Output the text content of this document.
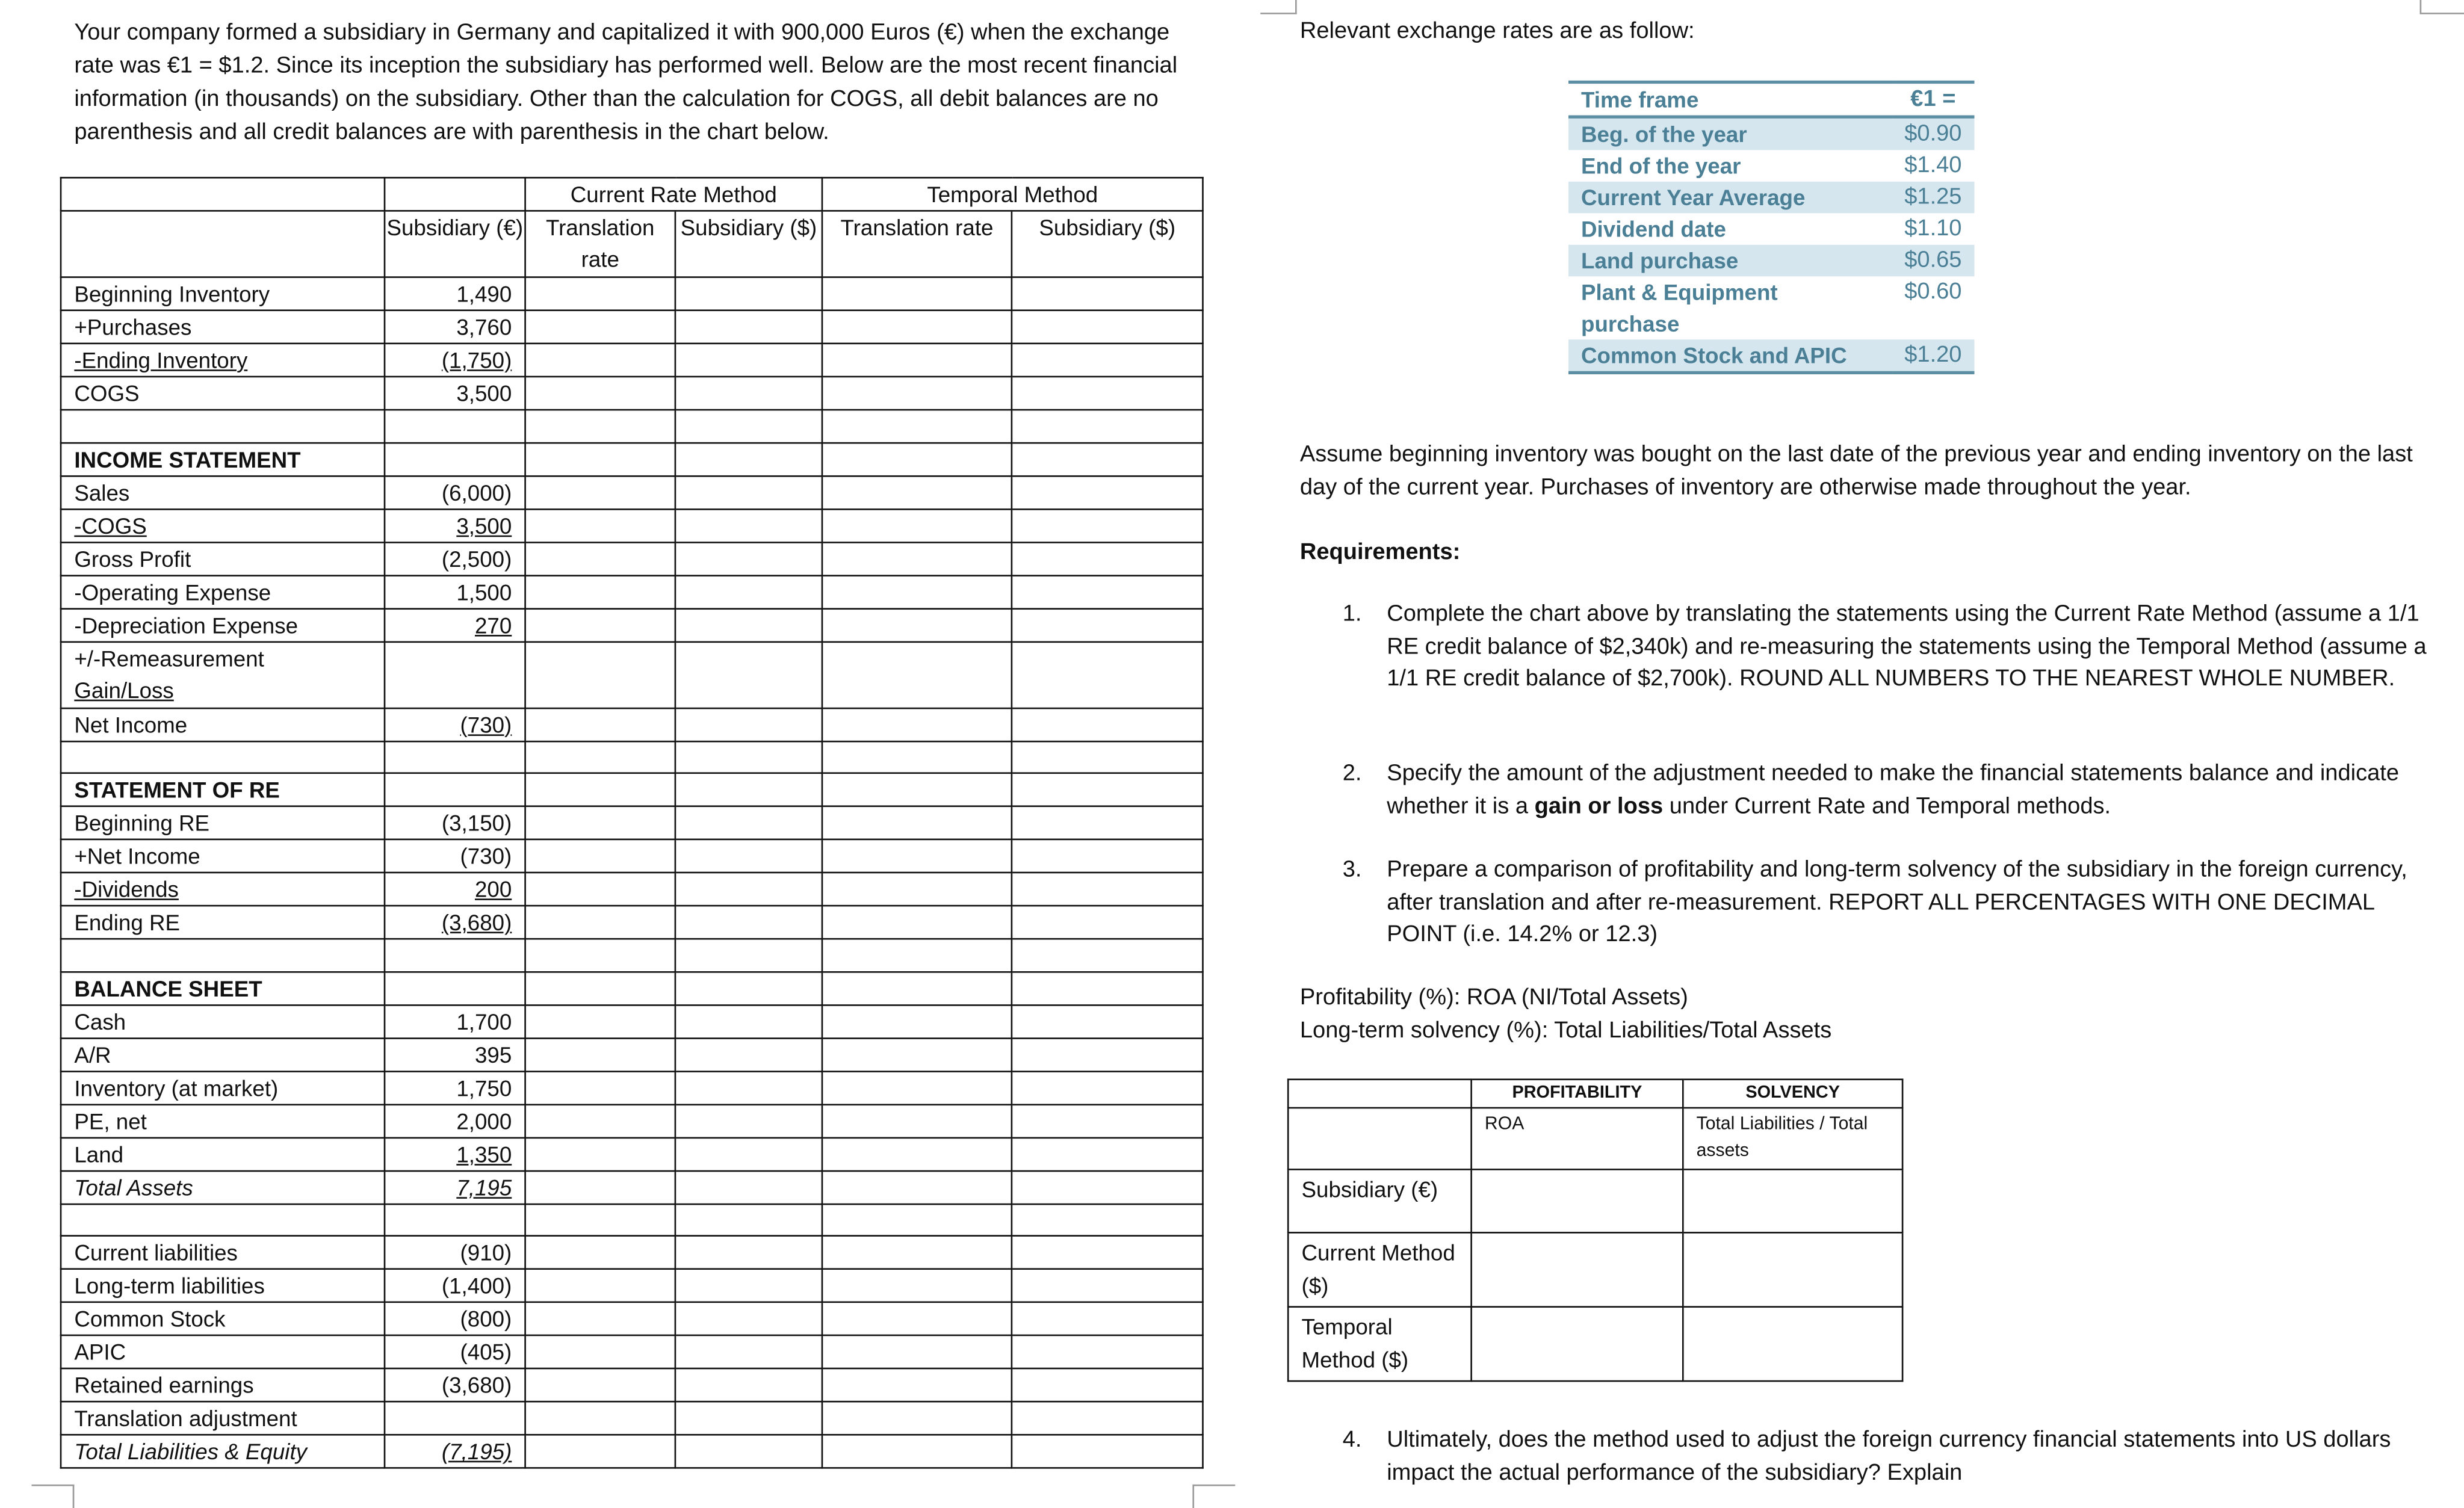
Your company formed a subsidiary in Germany and capitalized it with 900,000 Euros (€) when the exchange rate was €1 = $1.2. Since its inception the subsidiary has performed well. Below are the most recent financial information (in thousands) on the subsidiary. Other than the calculation for COGS, all debit balances are no parenthesis and all credit balances are with parenthesis in the chart below.
		Current Rate Method		Temporal Method	
	Subsidiary (€)	Translation rate	Subsidiary ($)	Translation rate	Subsidiary ($)
Beginning Inventory	1,490				
+Purchases	3,760				
-Ending Inventory	(1,750)				
COGS	3,500				

INCOME STATEMENT					
Sales	(6,000)				
-COGS	3,500				
Gross Profit	(2,500)				
-Operating Expense	1,500				
-Depreciation Expense	270				
+/-Remeasurement
Gain/Loss					
Net Income	(730)				

STATEMENT OF RE					
Beginning RE	(3,150)				
+Net Income	(730)				
-Dividends	200				
Ending RE	(3,680)				

BALANCE SHEET					
Cash	1,700				
A/R	395				
Inventory (at market)	1,750				
PE, net	2,000				
Land	1,350				
Total Assets	7,195				

Current liabilities	(910)				
Long-term liabilities	(1,400)				
Common Stock	(800)				
APIC	(405)				
Retained earnings	(3,680)				
Translation adjustment					
Total Liabilities & Equity	(7,195)				
Relevant exchange rates are as follow:
Time frame	€1 =
Beg. of the year	$0.90
End of the year	$1.40
Current Year Average	$1.25
Dividend date	$1.10
Land purchase	$0.65
Plant & Equipment purchase	$0.60
Common Stock and APIC	$1.20
Assume beginning inventory was bought on the last date of the previous year and ending inventory on the last day of the current year. Purchases of inventory are otherwise made throughout the year.
Requirements:
1.	Complete the chart above by translating the statements using the Current Rate Method (assume a 1/1 RE credit balance of $2,340k) and re-measuring the statements using the Temporal Method (assume a 1/1 RE credit balance of $2,700k). ROUND ALL NUMBERS TO THE NEAREST WHOLE NUMBER.
2.	Specify the amount of the adjustment needed to make the financial statements balance and indicate whether it is a gain or loss under Current Rate and Temporal methods.
3.	Prepare a comparison of profitability and long-term solvency of the subsidiary in the foreign currency, after translation and after re-measurement. REPORT ALL PERCENTAGES WITH ONE DECIMAL POINT (i.e. 14.2% or 12.3)
Profitability (%): ROA (NI/Total Assets)
Long-term solvency (%): Total Liabilities/Total Assets
	PROFITABILITY	SOLVENCY
	ROA	Total Liabilities / Total assets
Subsidiary (€)		
Current Method ($)		
Temporal Method ($)		
4.	Ultimately, does the method used to adjust the foreign currency financial statements into US dollars impact the actual performance of the subsidiary? Explain
